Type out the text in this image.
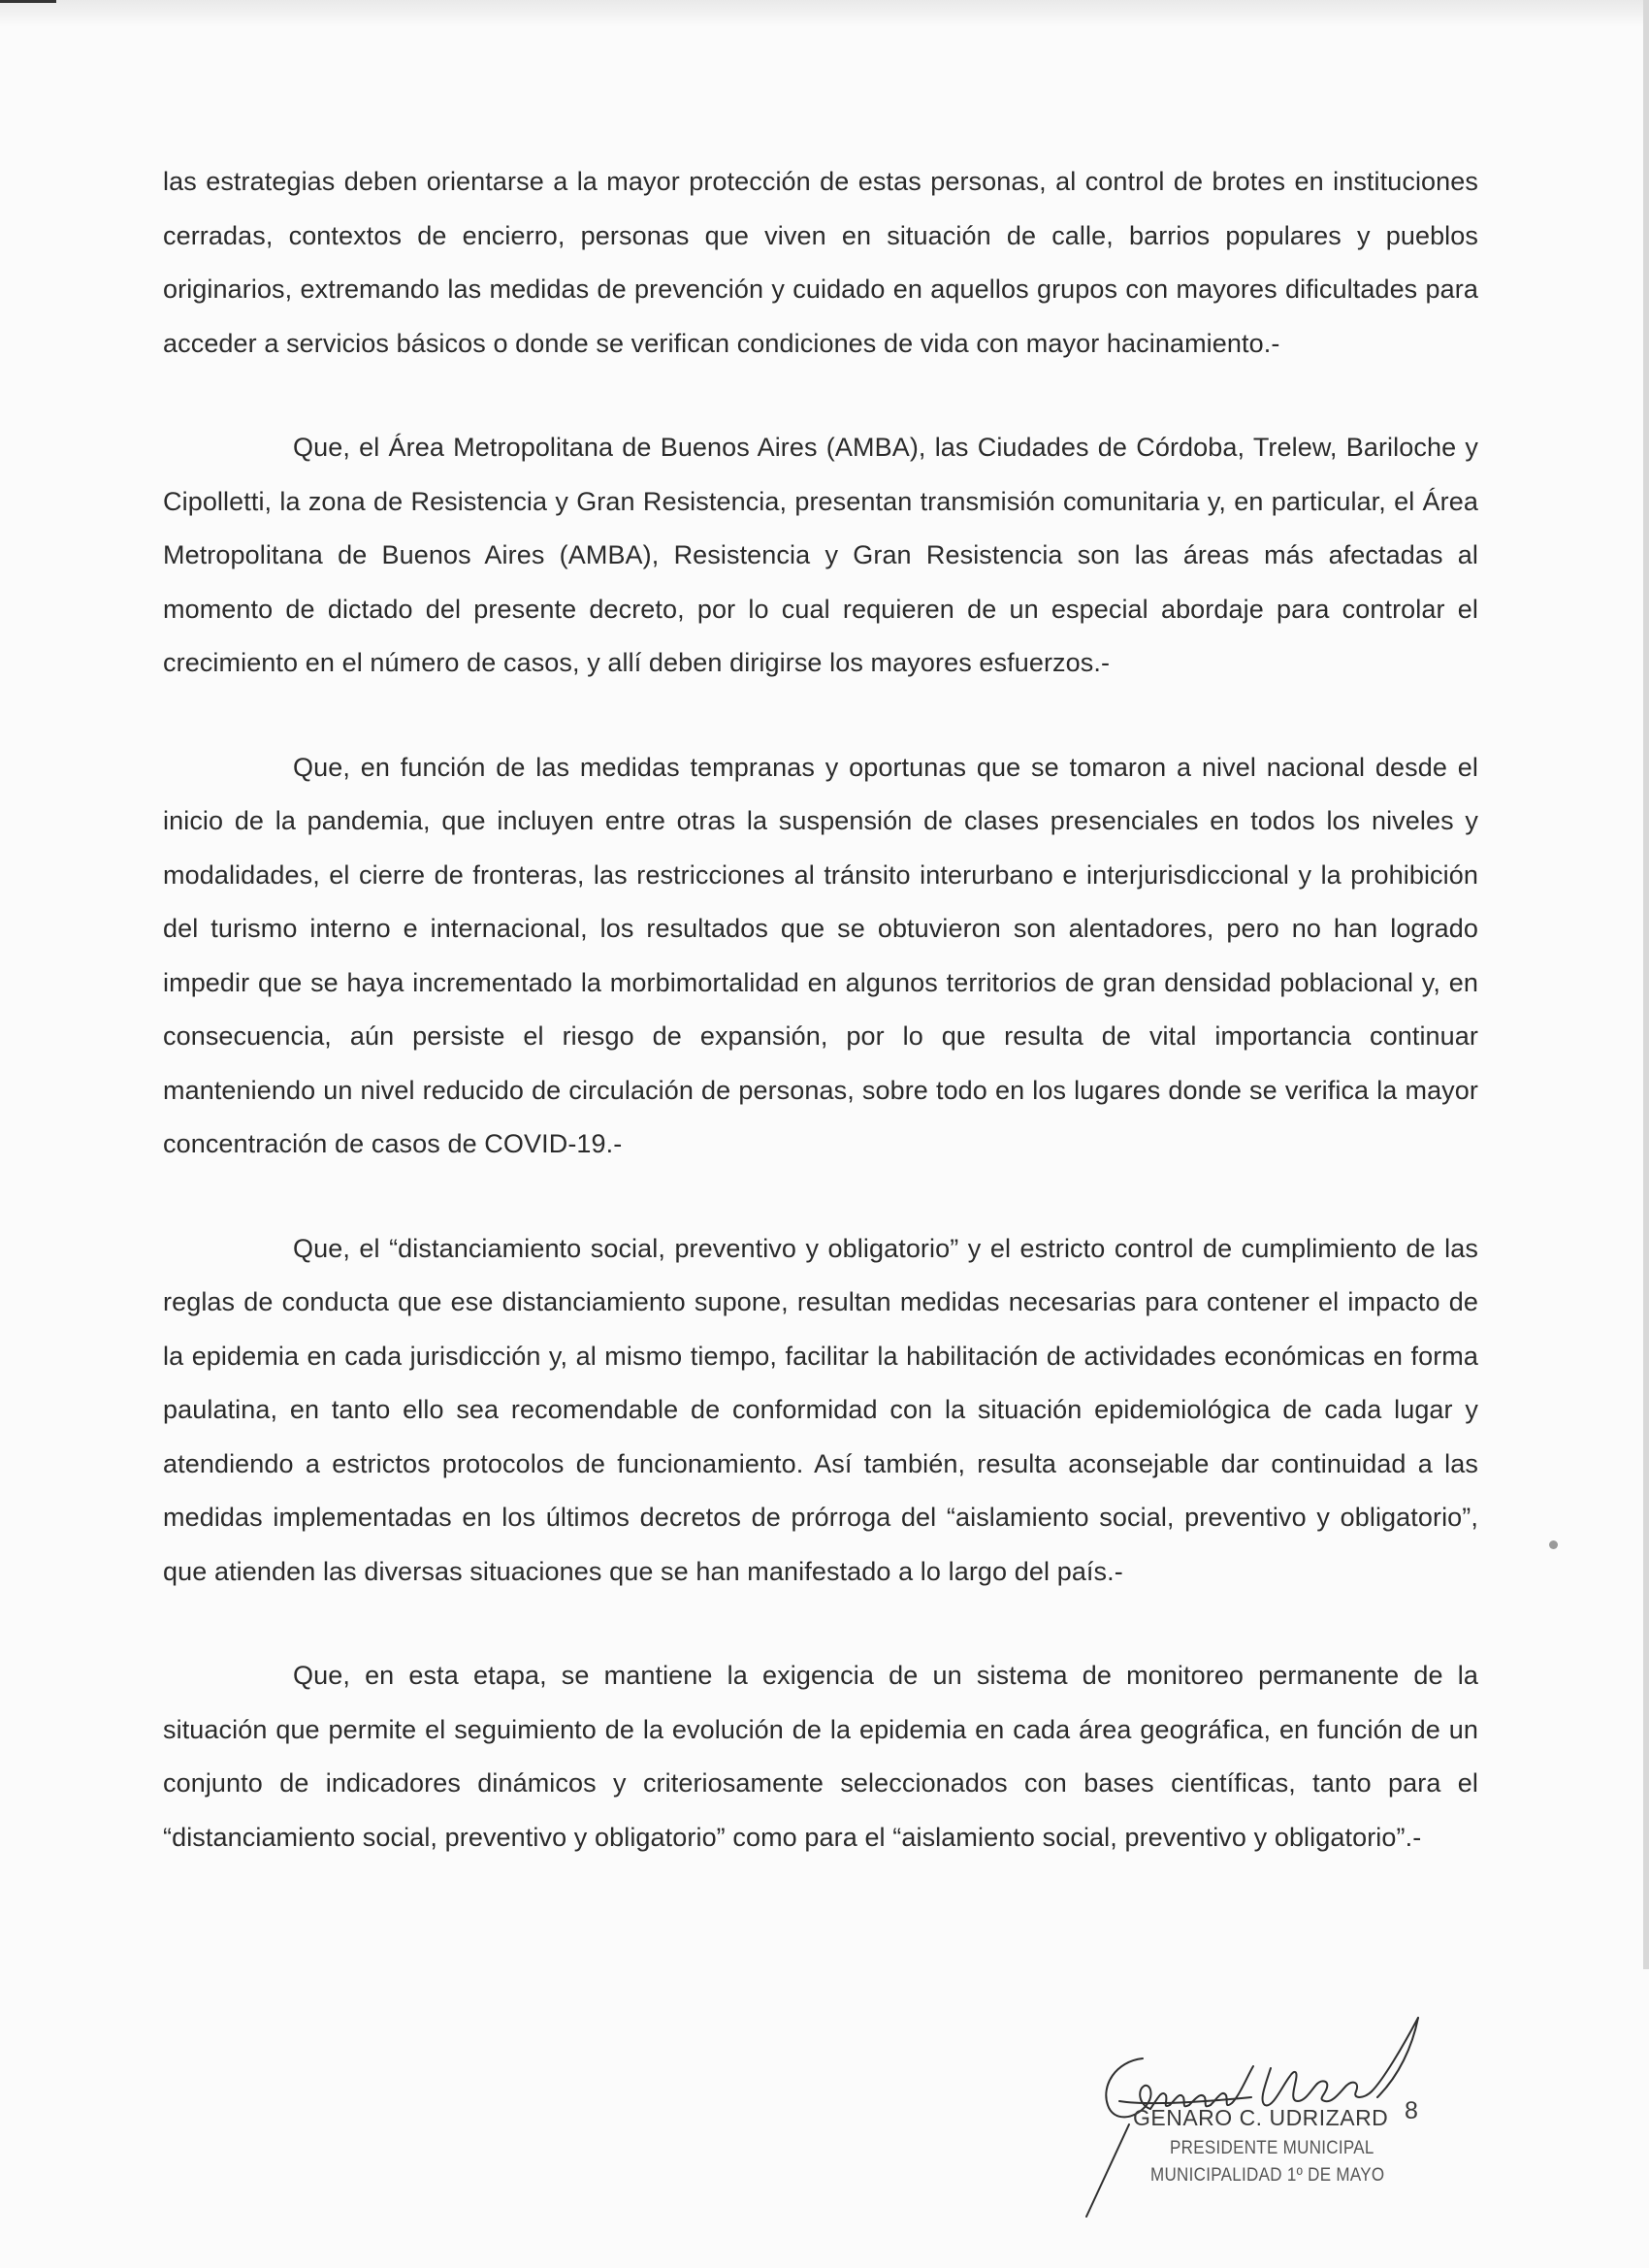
las estrategias deben orientarse a la mayor protección de estas personas, al control de brotes en instituciones cerradas, contextos de encierro, personas que viven en situación de calle, barrios populares y pueblos originarios, extremando las medidas de prevención y cuidado en aquellos grupos con mayores dificultades para acceder a servicios básicos o donde se verifican condiciones de vida con mayor hacinamiento.-

Que, el Área Metropolitana de Buenos Aires (AMBA), las Ciudades de Córdoba, Trelew, Bariloche y Cipolletti, la zona de Resistencia y Gran Resistencia, presentan transmisión comunitaria y, en particular, el Área Metropolitana de Buenos Aires (AMBA), Resistencia y Gran Resistencia son las áreas más afectadas al momento de dictado del presente decreto, por lo cual requieren de un especial abordaje para controlar el crecimiento en el número de casos, y allí deben dirigirse los mayores esfuerzos.-

Que, en función de las medidas tempranas y oportunas que se tomaron a nivel nacional desde el inicio de la pandemia, que incluyen entre otras la suspensión de clases presenciales en todos los niveles y modalidades, el cierre de fronteras, las restricciones al tránsito interurbano e interjurisdiccional y la prohibición del turismo interno e internacional, los resultados que se obtuvieron son alentadores, pero no han logrado impedir que se haya incrementado la morbimortalidad en algunos territorios de gran densidad poblacional y, en consecuencia, aún persiste el riesgo de expansión, por lo que resulta de vital importancia continuar manteniendo un nivel reducido de circulación de personas, sobre todo en los lugares donde se verifica la mayor concentración de casos de COVID-19.-

Que, el “distanciamiento social, preventivo y obligatorio” y el estricto control de cumplimiento de las reglas de conducta que ese distanciamiento supone, resultan medidas necesarias para contener el impacto de la epidemia en cada jurisdicción y, al mismo tiempo, facilitar la habilitación de actividades económicas en forma paulatina, en tanto ello sea recomendable de conformidad con la situación epidemiológica de cada lugar y atendiendo a estrictos protocolos de funcionamiento. Así también, resulta aconsejable dar continuidad a las medidas implementadas en los últimos decretos de prórroga del “aislamiento social, preventivo y obligatorio”, que atienden las diversas situaciones que se han manifestado a lo largo del país.-

Que, en esta etapa, se mantiene la exigencia de un sistema de monitoreo permanente de la situación que permite el seguimiento de la evolución de la epidemia en cada área geográfica, en función de un conjunto de indicadores dinámicos y criteriosamente seleccionados con bases científicas, tanto para el “distanciamiento social, preventivo y obligatorio” como para el “aislamiento social, preventivo y obligatorio”.-

GENARO C. UDRIZARD 8
PRESIDENTE MUNICIPAL
MUNICIPALIDAD 1º DE MAYO
